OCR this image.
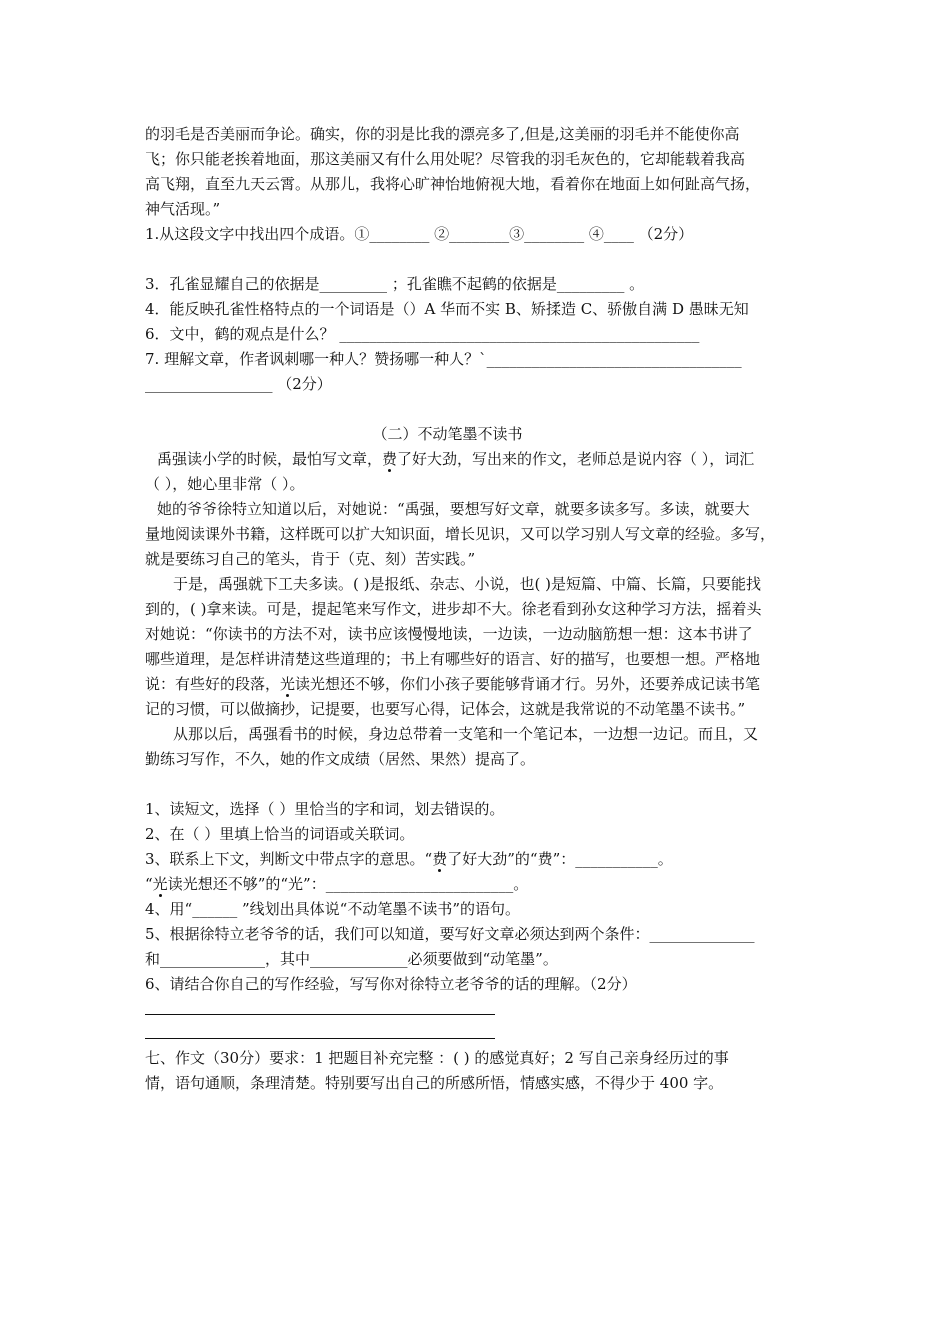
的羽毛是否美丽而争论。确实，你的羽是比我的漂亮多了,但是,这美丽的羽毛并不能使你高
飞；你只能老挨着地面，那这美丽又有什么用处呢？尽管我的羽毛灰色的，它却能载着我高
高飞翔，直至九天云霄。从那儿，我将心旷神怡地俯视大地，看着你在地面上如何趾高气扬，
神气活现。”
1.从这段文字中找出四个成语。①________ ②________③________ ④____ （2分）
3．孔雀显耀自己的依据是_________ ；孔雀瞧不起鹤的依据是_________ 。
4．能反映孔雀性格特点的一个词语是（）A 华而不实 B、矫揉造 C、骄傲自满 D 愚昧无知
6．文中，鹤的观点是什么？ ________________________________________________
7. 理解文章，作者讽刺哪一种人？赞扬哪一种人？`__________________________________
_________________ （2分）
（二）不动笔墨不读书
禹强读小学的时候，最怕写文章，费了好大劲，写出来的作文，老师总是说内容（ ），词汇
（ ），她心里非常（ ）。
她的爷爷徐特立知道以后，对她说：“禹强，要想写好文章，就要多读多写。多读，就要大
量地阅读课外书籍，这样既可以扩大知识面，增长见识，又可以学习别人写文章的经验。多写，
就是要练习自己的笔头，肯于（克、刻）苦实践。”
于是，禹强就下工夫多读。( )是报纸、杂志、小说，也( )是短篇、中篇、长篇，只要能找
到的，( )拿来读。可是，提起笔来写作文，进步却不大。徐老看到孙女这种学习方法，摇着头
对她说：“你读书的方法不对，读书应该慢慢地读，一边读，一边动脑筋想一想：这本书讲了
哪些道理，是怎样讲清楚这些道理的；书上有哪些好的语言、好的描写，也要想一想。严格地
说：有些好的段落，光读光想还不够，你们小孩子要能够背诵才行。另外，还要养成记读书笔
记的习惯，可以做摘抄，记提要，也要写心得，记体会，这就是我常说的不动笔墨不读书。”
从那以后，禹强看书的时候，身边总带着一支笔和一个笔记本，一边想一边记。而且，又
勤练习写作，不久，她的作文成绩（居然、果然）提高了。
1、读短文，选择（ ）里恰当的字和词，划去错误的。
2、在（ ）里填上恰当的词语或关联词。
3、联系上下文，判断文中带点字的意思。“费了好大劲”的“费”：___________。
“光读光想还不够”的“光”：_________________________。
4、用“______ ”线划出具体说“不动笔墨不读书”的语句。
5、根据徐特立老爷爷的话，我们可以知道，要写好文章必须达到两个条件：______________
和______________，其中_____________必须要做到“动笔墨”。
6、请结合你自己的写作经验，写写你对徐特立老爷爷的话的理解。（2分）
七、作文（30分）要求：1 把题目补充完整 ：( ) 的感觉真好；2 写自己亲身经历过的事
情，语句通顺，条理清楚。特别要写出自己的所感所悟，情感实感，不得少于 400 字。
